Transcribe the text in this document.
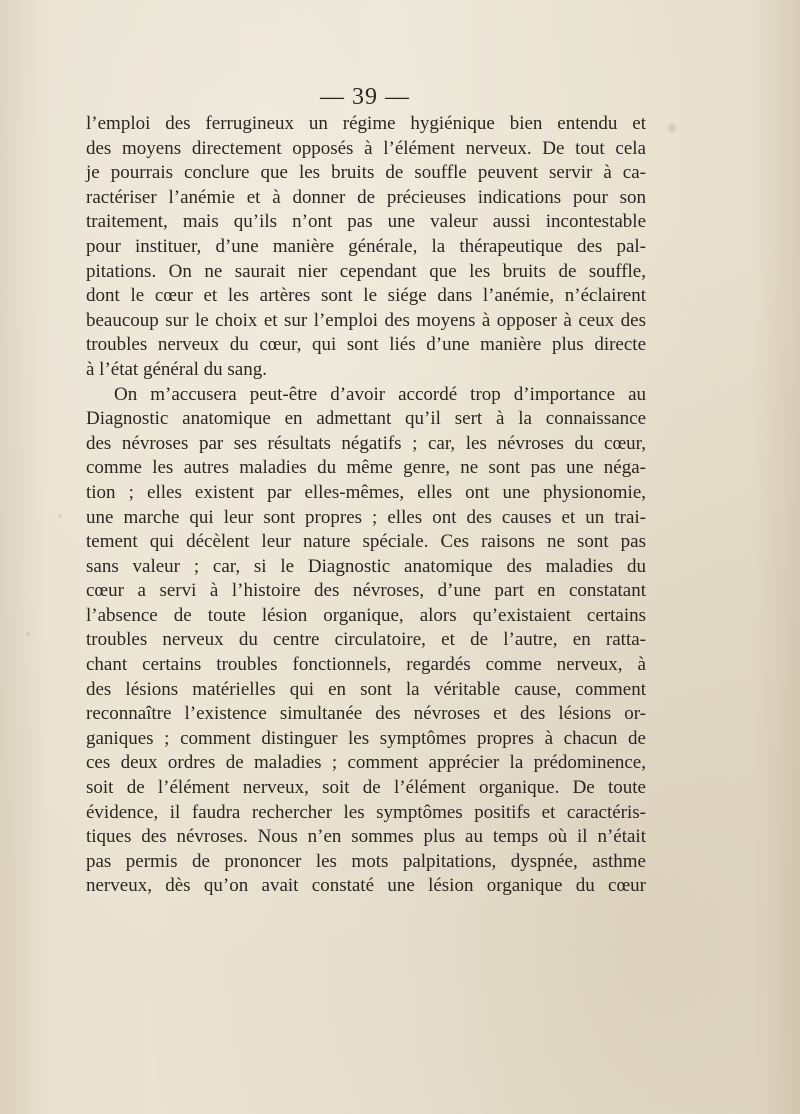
— 39 —
l’emploi des ferrugineux un régime hygiénique bien entendu et
des moyens directement opposés à l’élément nerveux. De tout cela
je pourrais conclure que les bruits de souffle peuvent servir à ca-
ractériser l’anémie et à donner de précieuses indications pour son
traitement, mais qu’ils n’ont pas une valeur aussi incontestable
pour instituer, d’une manière générale, la thérapeutique des pal-
pitations. On ne saurait nier cependant que les bruits de souffle,
dont le cœur et les artères sont le siége dans l’anémie, n’éclairent
beaucoup sur le choix et sur l’emploi des moyens à opposer à ceux des
troubles nerveux du cœur, qui sont liés d’une manière plus directe
à l’état général du sang.
On m’accusera peut-être d’avoir accordé trop d’importance au
Diagnostic anatomique en admettant qu’il sert à la connaissance
des névroses par ses résultats négatifs ; car, les névroses du cœur,
comme les autres maladies du même genre, ne sont pas une néga-
tion ; elles existent par elles-mêmes, elles ont une physionomie,
une marche qui leur sont propres ; elles ont des causes et un trai-
tement qui décèlent leur nature spéciale. Ces raisons ne sont pas
sans valeur ; car, si le Diagnostic anatomique des maladies du
cœur a servi à l’histoire des névroses, d’une part en constatant
l’absence de toute lésion organique, alors qu’existaient certains
troubles nerveux du centre circulatoire, et de l’autre, en ratta-
chant certains troubles fonctionnels, regardés comme nerveux, à
des lésions matérielles qui en sont la véritable cause, comment
reconnaître l’existence simultanée des névroses et des lésions or-
ganiques ; comment distinguer les symptômes propres à chacun de
ces deux ordres de maladies ; comment apprécier la prédominence,
soit de l’élément nerveux, soit de l’élément organique. De toute
évidence, il faudra rechercher les symptômes positifs et caractéris-
tiques des névroses. Nous n’en sommes plus au temps où il n’était
pas permis de prononcer les mots palpitations, dyspnée, asthme
nerveux, dès qu’on avait constaté une lésion organique du cœur
